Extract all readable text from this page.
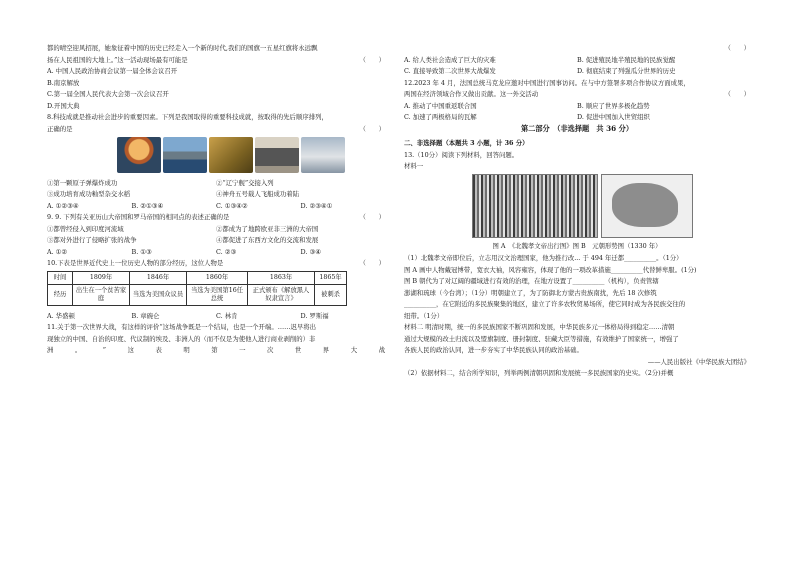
都的晴空迎风招展，她象征着中国的历史已经走入一个新的时代,我们的国旗一五星红旗将永远飘
扬在人民祖国的大地上。”这一活动现场最有可能是	（　　）
A. 中国人民政治协商会议第一届全体会议召开
B.南京解放
C.第一届全国人民代表大会第一次会议召开
D.开国大典
8.科技成就是推动社会进步的重要因素。下列是我国取得的重要科技成就，按取得的先后顺序排列，
正确的是	（　　）
①第一颗原子弹爆炸成功	②“辽宁舰”交接入列
③成功培育成功籼型杂交水稻	④神舟五号载人飞船成功着陆
A. ①②③④	B. ②①③④	C. ①③④②	D. ②③④①
9. 9. 下列有关亚历山大帝国和罗马帝国的相同点的表述正确的是	（　　）
①都曾经侵入到印度河流域	②都成为了地跨欧亚非三洲的大帝国
③都对外进行了侵略扩张的战争	④都促进了东西方文化的交流和发展
A. ①②	B. ①③	C. ②③	D. ③④
10.下表是世界近代史上一位历史人物的部分经历，这位人物是	（　　）
时间	1809年	1846年	1860年	1863年	1865年
经历	出生在一个贫苦家庭	当选为美国众议员	当选为美国第16任总统	正式颁布《解放黑人奴隶宣言》	被刺杀
A. 华盛顿	B. 章碗仑	C. 林肯	D. 罗斯福
11.关于第一次世界大战，有这样的评价“这场战争既是一个结局，也是一个开端。……迟早将出
现独立的中国、自治的印度、代议制的埃及、非洲人的（而不仅是为使他人进行商业剥削的）非
洲	。	”	这	表	明	第	一	次	世	界	大	战
（　　）
A. 给人类社会造成了巨大的灾难	B. 促进殖民地半殖民地的民族觉醒
C. 直接导致第二次世界大战爆发	D. 彻底结束了列强瓜分世界的历史
12.2023 年 4 月，法国总统马克龙应邀对中国进行国事访问。在与中方签署多项合作协议方面成果，
两国在经济领域合作又做出贡献。这一外交活动	（　　）
A. 推动了中国重返联合国	B. 顺应了世界多极化趋势
C. 加速了两极格局的瓦解	D. 促进中国加入世贸组织
第二部分　（非选择题　共 36 分）
二、非选择题（本题共 3 小题，计 36 分）
13.（10分）阅读下列材料，回答问题。
材料一
图 A　《北魏孝文帝出行图》图 B　元朝形势图（1330 年）
（1）北魏孝文帝即位后，立志用汉文治理国家，他为推行改... 于 494 年迁都__________。（1分）
图 A 画中人物戴冠博带，宽衣大袖，风容雍容，体现了他的一项改革措施__________代替鲜卑服。(1分)
图 B 朝代为了对辽阔的疆域进行有效的治理，在地方设置了__________（机构），负责管辖
澎湖和琉球（今台湾）；（1分）明朝建立了，为了防御北方蒙古贵族南扰，先后 18 次修筑
__________，在它附近的多民族聚集的地区，建立了许多农牧贸易场所，使它同时成为各民族交往的
纽带。（1分）
材料二 明清时期，统一的多民族国家不断巩固和发展，中华民族多元一体格局得到稳定……清朝
通过大规模的改土归流以及盟旗制度、册封制度、驻藏大臣等措施，有效维护了国家统一，增强了
各族人民的政治认同，进一步夯实了中华民族认同的政治基础。
——人民出版社《中华民族大团结》
（2）依据材料二，结合所学知识，列举两例清朝巩固和发展统一多民族国家的史实。（2分)并概
